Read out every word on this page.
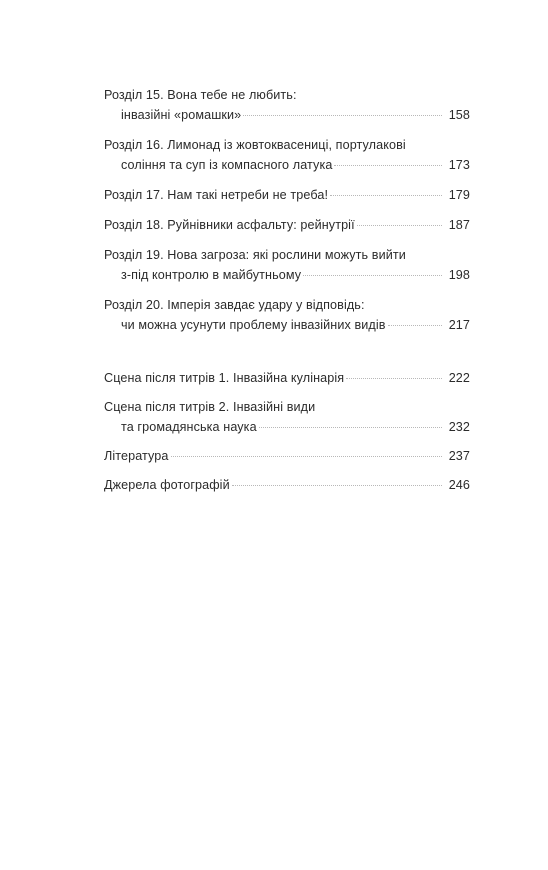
Розділ 15. Вона тебе не любить:
інвазійні «ромашки»	158
Розділ 16. Лимонад із жовтоквасениці, портулакові
соління та суп із компасного латука	173
Розділ 17. Нам такі нетреби не треба!	179
Розділ 18. Руйнівники асфальту: рейнутрії	187
Розділ 19. Нова загроза: які рослини можуть вийти
з-під контролю в майбутньому	198
Розділ 20. Імперія завдає удару у відповідь:
чи можна усунути проблему інвазійних видів	217
Сцена після титрів 1. Інвазійна кулінарія	222
Сцена після титрів 2. Інвазійні види
та громадянська наука	232
Література	237
Джерела фотографій	246
